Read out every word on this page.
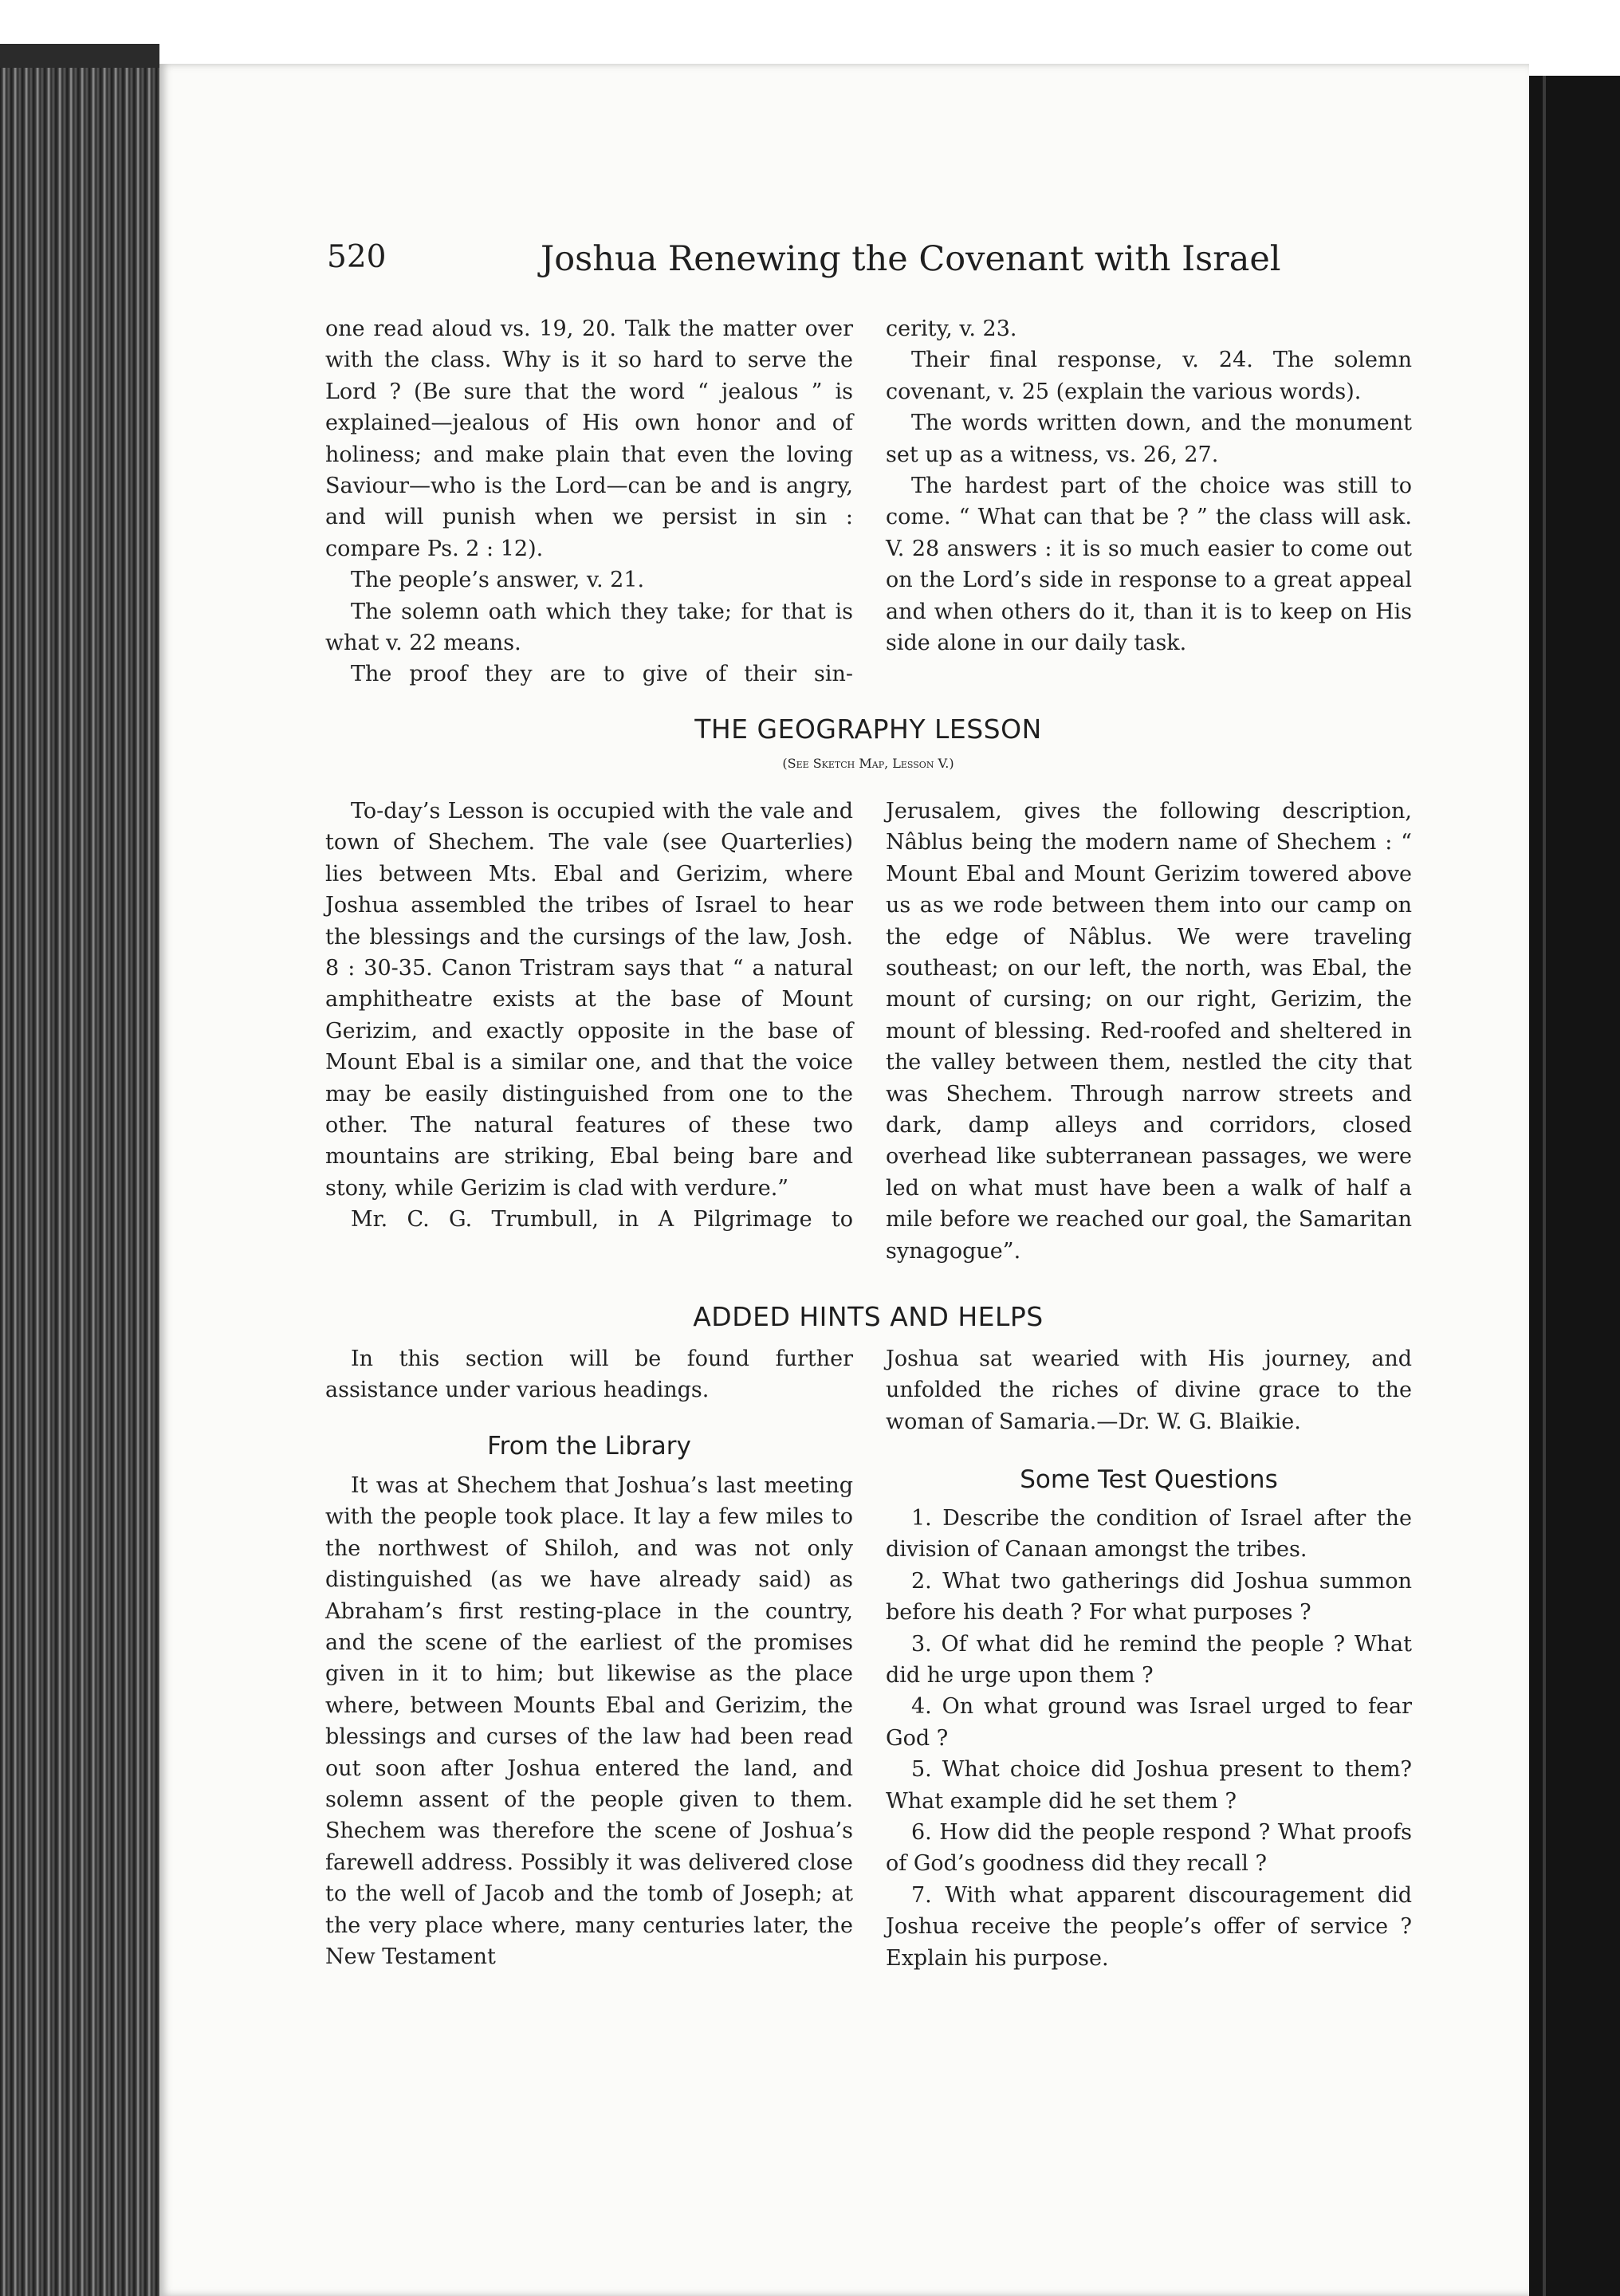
520	Joshua Renewing the Covenant with Israel

one read aloud vs. 19, 20. Talk the matter over with the class. Why is it so hard to serve the Lord ? (Be sure that the word “ jealous ” is explained—jealous of His own honor and of holiness; and make plain that even the loving Saviour—who is the Lord—can be and is angry, and will punish when we persist in sin : compare Ps. 2 : 12).

The people’s answer, v. 21.

The solemn oath which they take; for that is what v. 22 means.

The proof they are to give of their sin-

cerity, v. 23.

Their final response, v. 24. The solemn covenant, v. 25 (explain the various words).

The words written down, and the monument set up as a witness, vs. 26, 27.

The hardest part of the choice was still to come. “ What can that be ? ” the class will ask. V. 28 answers : it is so much easier to come out on the Lord’s side in response to a great appeal and when others do it, than it is to keep on His side alone in our daily task.

THE GEOGRAPHY LESSON
(See Sketch Map, Lesson V.)

To-day’s Lesson is occupied with the vale and town of Shechem. The vale (see Quarterlies) lies between Mts. Ebal and Gerizim, where Joshua assembled the tribes of Israel to hear the blessings and the cursings of the law, Josh. 8 : 30-35. Canon Tristram says that “ a natural amphitheatre exists at the base of Mount Gerizim, and exactly opposite in the base of Mount Ebal is a similar one, and that the voice may be easily distinguished from one to the other. The natural features of these two mountains are striking, Ebal being bare and stony, while Gerizim is clad with verdure.”

Mr. C. G. Trumbull, in A Pilgrimage to

Jerusalem, gives the following description, Nâblus being the modern name of Shechem : “ Mount Ebal and Mount Gerizim towered above us as we rode between them into our camp on the edge of Nâblus. We were traveling southeast; on our left, the north, was Ebal, the mount of cursing; on our right, Gerizim, the mount of blessing. Red-roofed and sheltered in the valley between them, nestled the city that was Shechem. Through narrow streets and dark, damp alleys and corridors, closed overhead like subterranean passages, we were led on what must have been a walk of half a mile before we reached our goal, the Samaritan synagogue”.

ADDED HINTS AND HELPS

In this section will be found further assistance under various headings.

From the Library

It was at Shechem that Joshua’s last meeting with the people took place. It lay a few miles to the northwest of Shiloh, and was not only distinguished (as we have already said) as Abraham’s first resting-place in the country, and the scene of the earliest of the promises given in it to him; but likewise as the place where, between Mounts Ebal and Gerizim, the blessings and curses of the law had been read out soon after Joshua entered the land, and solemn assent of the people given to them. Shechem was therefore the scene of Joshua’s farewell address. Possibly it was delivered close to the well of Jacob and the tomb of Joseph; at the very place where, many centuries later, the New Testament

Joshua sat wearied with His journey, and unfolded the riches of divine grace to the woman of Samaria.—Dr. W. G. Blaikie.

Some Test Questions

1. Describe the condition of Israel after the division of Canaan amongst the tribes.

2. What two gatherings did Joshua summon before his death ? For what purposes ?

3. Of what did he remind the people ? What did he urge upon them ?

4. On what ground was Israel urged to fear God ?

5. What choice did Joshua present to them? What example did he set them ?

6. How did the people respond ? What proofs of God’s goodness did they recall ?

7. With what apparent discouragement did Joshua receive the people’s offer of service ? Explain his purpose.
